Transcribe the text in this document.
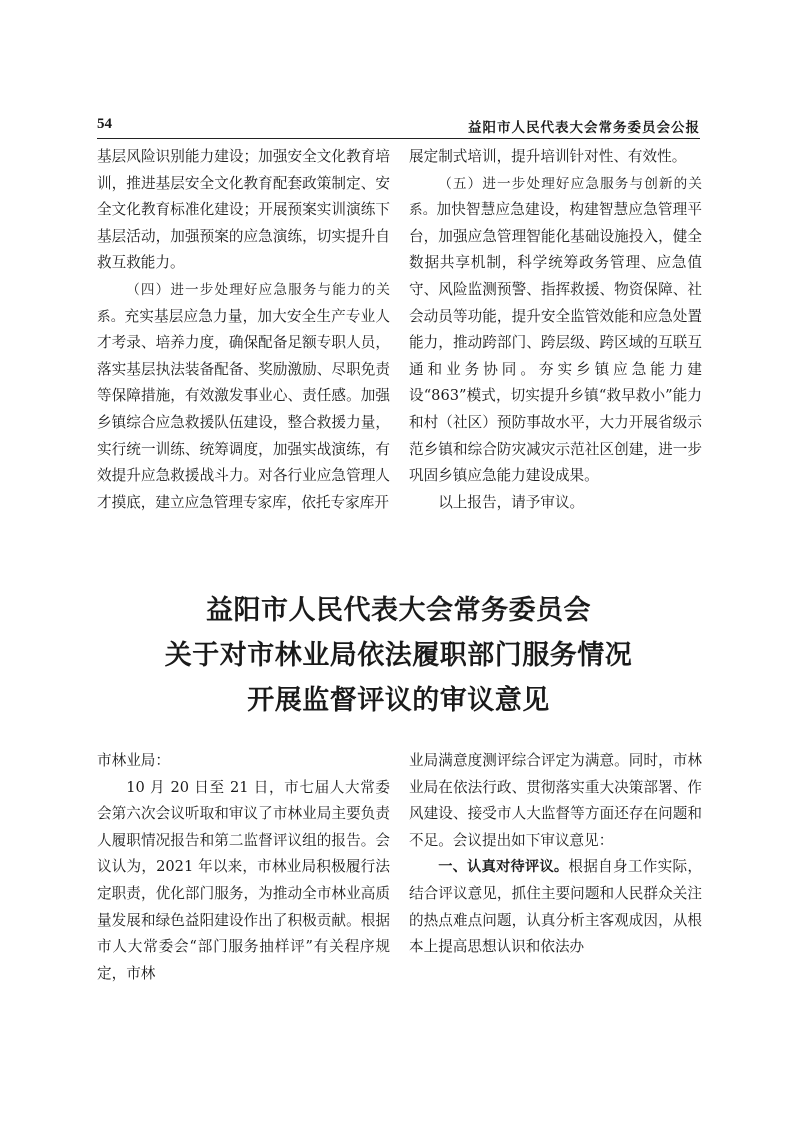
54	益阳市人民代表大会常务委员会公报

基层风险识别能力建设；加强安全文化教育培训，推进基层安全文化教育配套政策制定、安全文化教育标准化建设；开展预案实训演练下基层活动，加强预案的应急演练，切实提升自救互救能力。

（四）进一步处理好应急服务与能力的关系。充实基层应急力量，加大安全生产专业人才考录、培养力度，确保配备足额专职人员，落实基层执法装备配备、奖励激励、尽职免责等保障措施，有效激发事业心、责任感。加强乡镇综合应急救援队伍建设，整合救援力量，实行统一训练、统筹调度，加强实战演练，有效提升应急救援战斗力。对各行业应急管理人才摸底，建立应急管理专家库，依托专家库开

展定制式培训，提升培训针对性、有效性。

（五）进一步处理好应急服务与创新的关系。加快智慧应急建设，构建智慧应急管理平台，加强应急管理智能化基础设施投入，健全数据共享机制，科学统筹政务管理、应急值守、风险监测预警、指挥救援、物资保障、社会动员等功能，提升安全监管效能和应急处置能力，推动跨部门、跨层级、跨区域的互联互通和业务协同。夯实乡镇应急能力建设“863”模式，切实提升乡镇“救早救小”能力和村（社区）预防事故水平，大力开展省级示范乡镇和综合防灾减灾示范社区创建，进一步巩固乡镇应急能力建设成果。

以上报告，请予审议。

益阳市人民代表大会常务委员会
关于对市林业局依法履职部门服务情况
开展监督评议的审议意见

市林业局：

10 月 20 日至 21 日，市七届人大常委会第六次会议听取和审议了市林业局主要负责人履职情况报告和第二监督评议组的报告。会议认为，2021 年以来，市林业局积极履行法定职责，优化部门服务，为推动全市林业高质量发展和绿色益阳建设作出了积极贡献。根据市人大常委会“部门服务抽样评”有关程序规定，市林

业局满意度测评综合评定为满意。同时，市林业局在依法行政、贯彻落实重大决策部署、作风建设、接受市人大监督等方面还存在问题和不足。会议提出如下审议意见：

一、认真对待评议。根据自身工作实际，结合评议意见，抓住主要问题和人民群众关注的热点难点问题，认真分析主客观成因，从根本上提高思想认识和依法办
